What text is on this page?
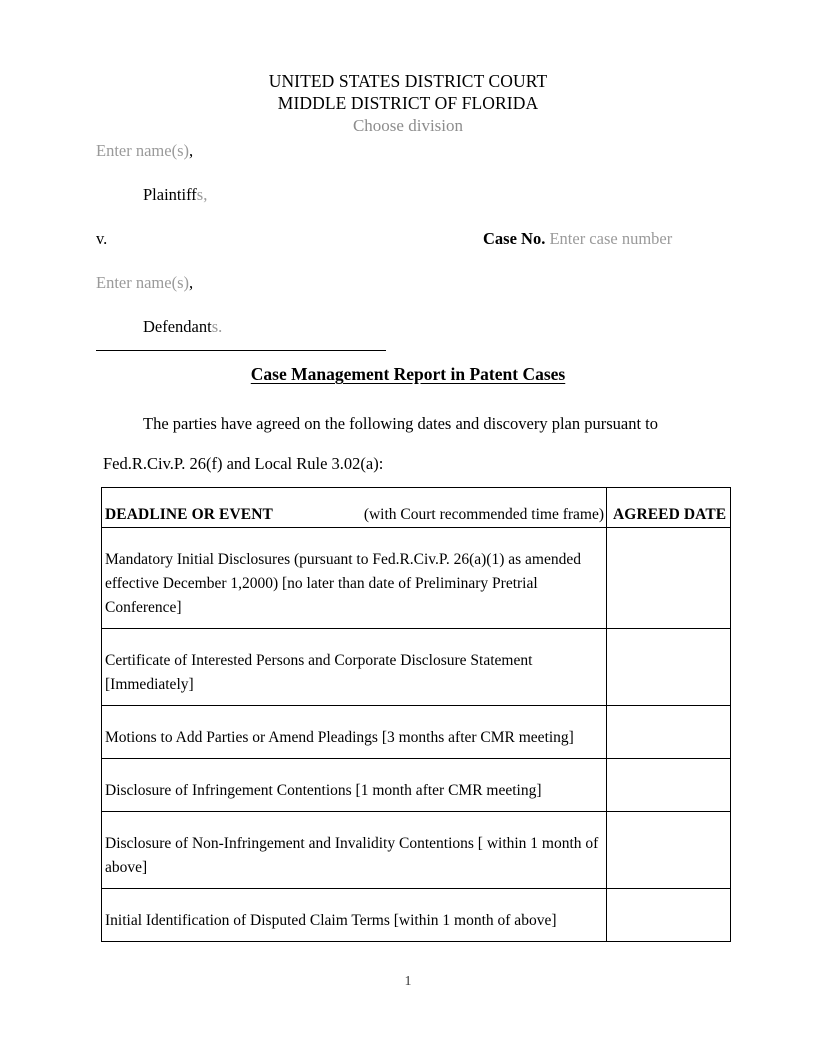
UNITED STATES DISTRICT COURT
MIDDLE DISTRICT OF FLORIDA
Choose division
Enter name(s),
Plaintiffs,
v.	Case No. Enter case number
Enter name(s),
Defendants.
Case Management Report in Patent Cases
The parties have agreed on the following dates and discovery plan pursuant to Fed.R.Civ.P. 26(f) and Local Rule 3.02(a):
DEADLINE OR EVENT (with Court recommended time frame)	AGREED DATE

Mandatory Initial Disclosures (pursuant to Fed.R.Civ.P. 26(a)(1) as amended effective December 1,2000) [no later than date of Preliminary Pretrial Conference]	
Certificate of Interested Persons and Corporate Disclosure Statement [Immediately]	
Motions to Add Parties or Amend Pleadings [3 months after CMR meeting]	
Disclosure of Infringement Contentions [1 month after CMR meeting]	
Disclosure of Non-Infringement and Invalidity Contentions [ within 1 month of above]	
Initial Identification of Disputed Claim Terms [within 1 month of above]	
1
